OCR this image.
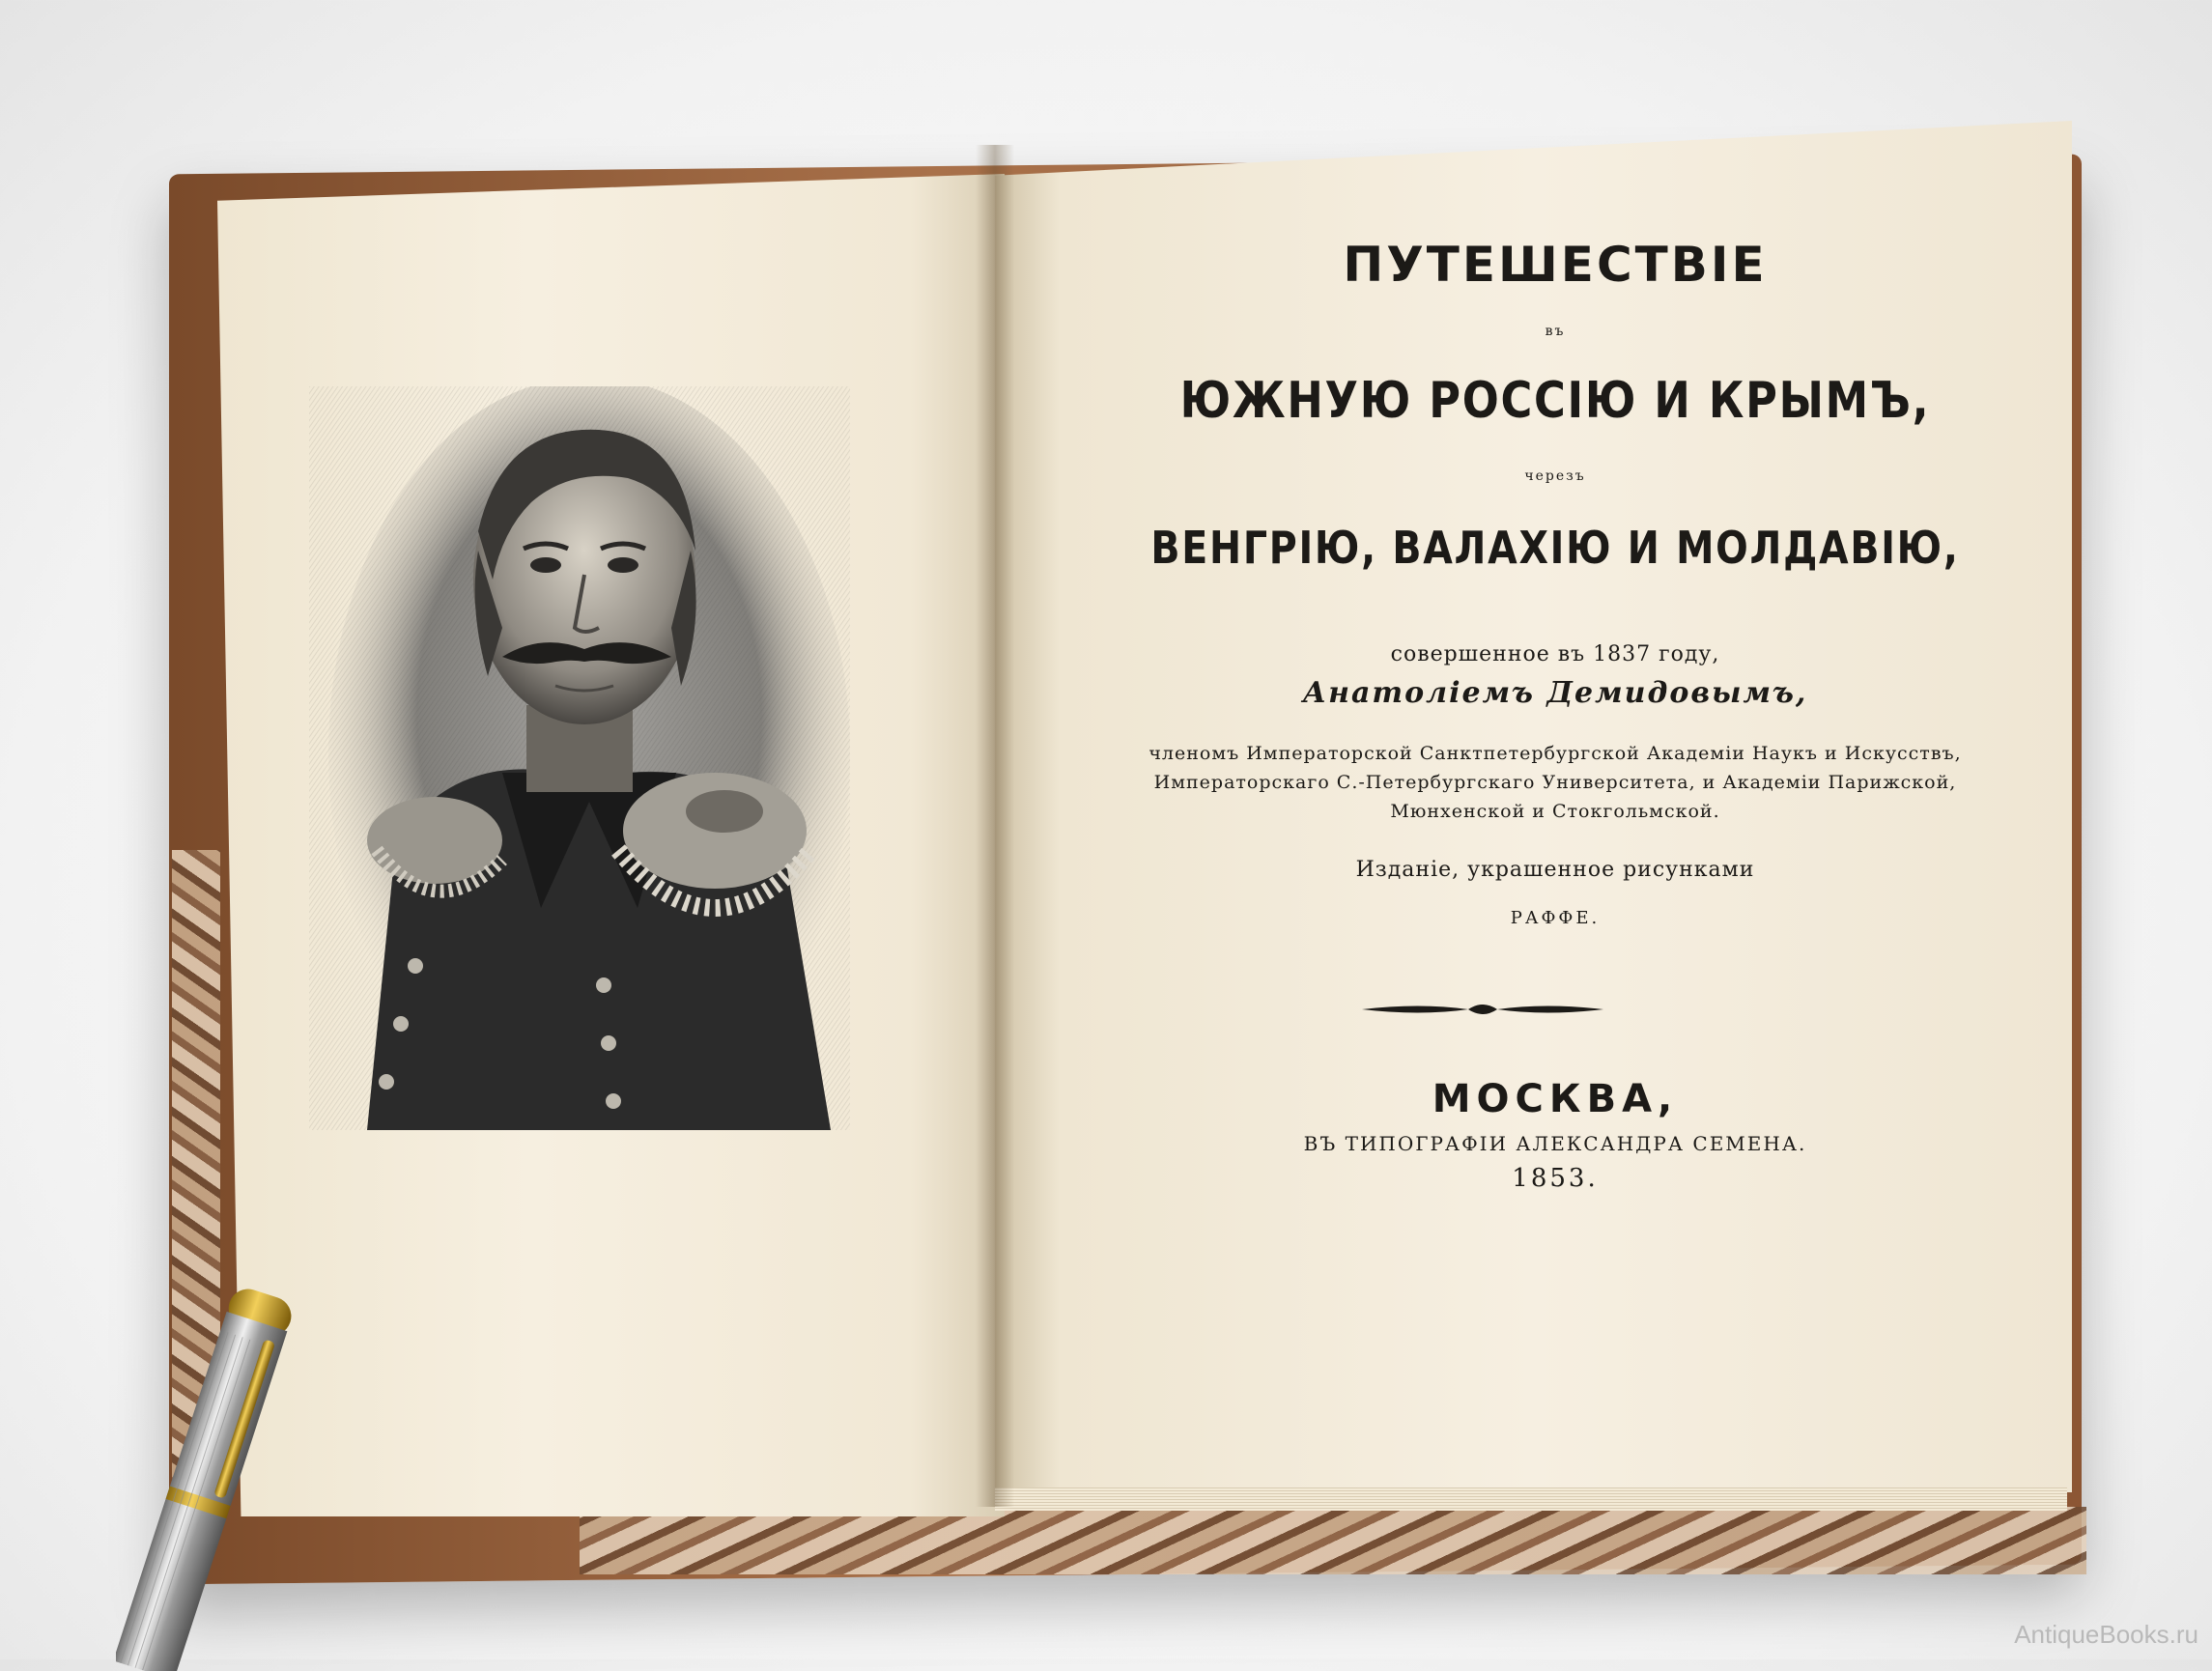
ПУТЕШЕСТВІЕ
въ
ЮЖНУЮ РОССІЮ И КРЫМЪ,
черезъ
ВЕНГРІЮ, ВАЛАХІЮ И МОЛДАВІЮ,
совершенное въ 1837 году,
Анатоліемъ Демидовымъ,
членомъ Императорской Санктпетербургской Академіи Наукъ и Искусствъ,
Императорскаго С.-Петербургскаго Университета, и Академіи Парижской,
Мюнхенской и Стокгольмской.
Изданіе, украшенное рисунками
РАФФЕ.
МОСКВА,
ВЪ ТИПОГРАФІИ АЛЕКСАНДРА СЕМЕНА.
1853.
AntiqueBooks.ru
